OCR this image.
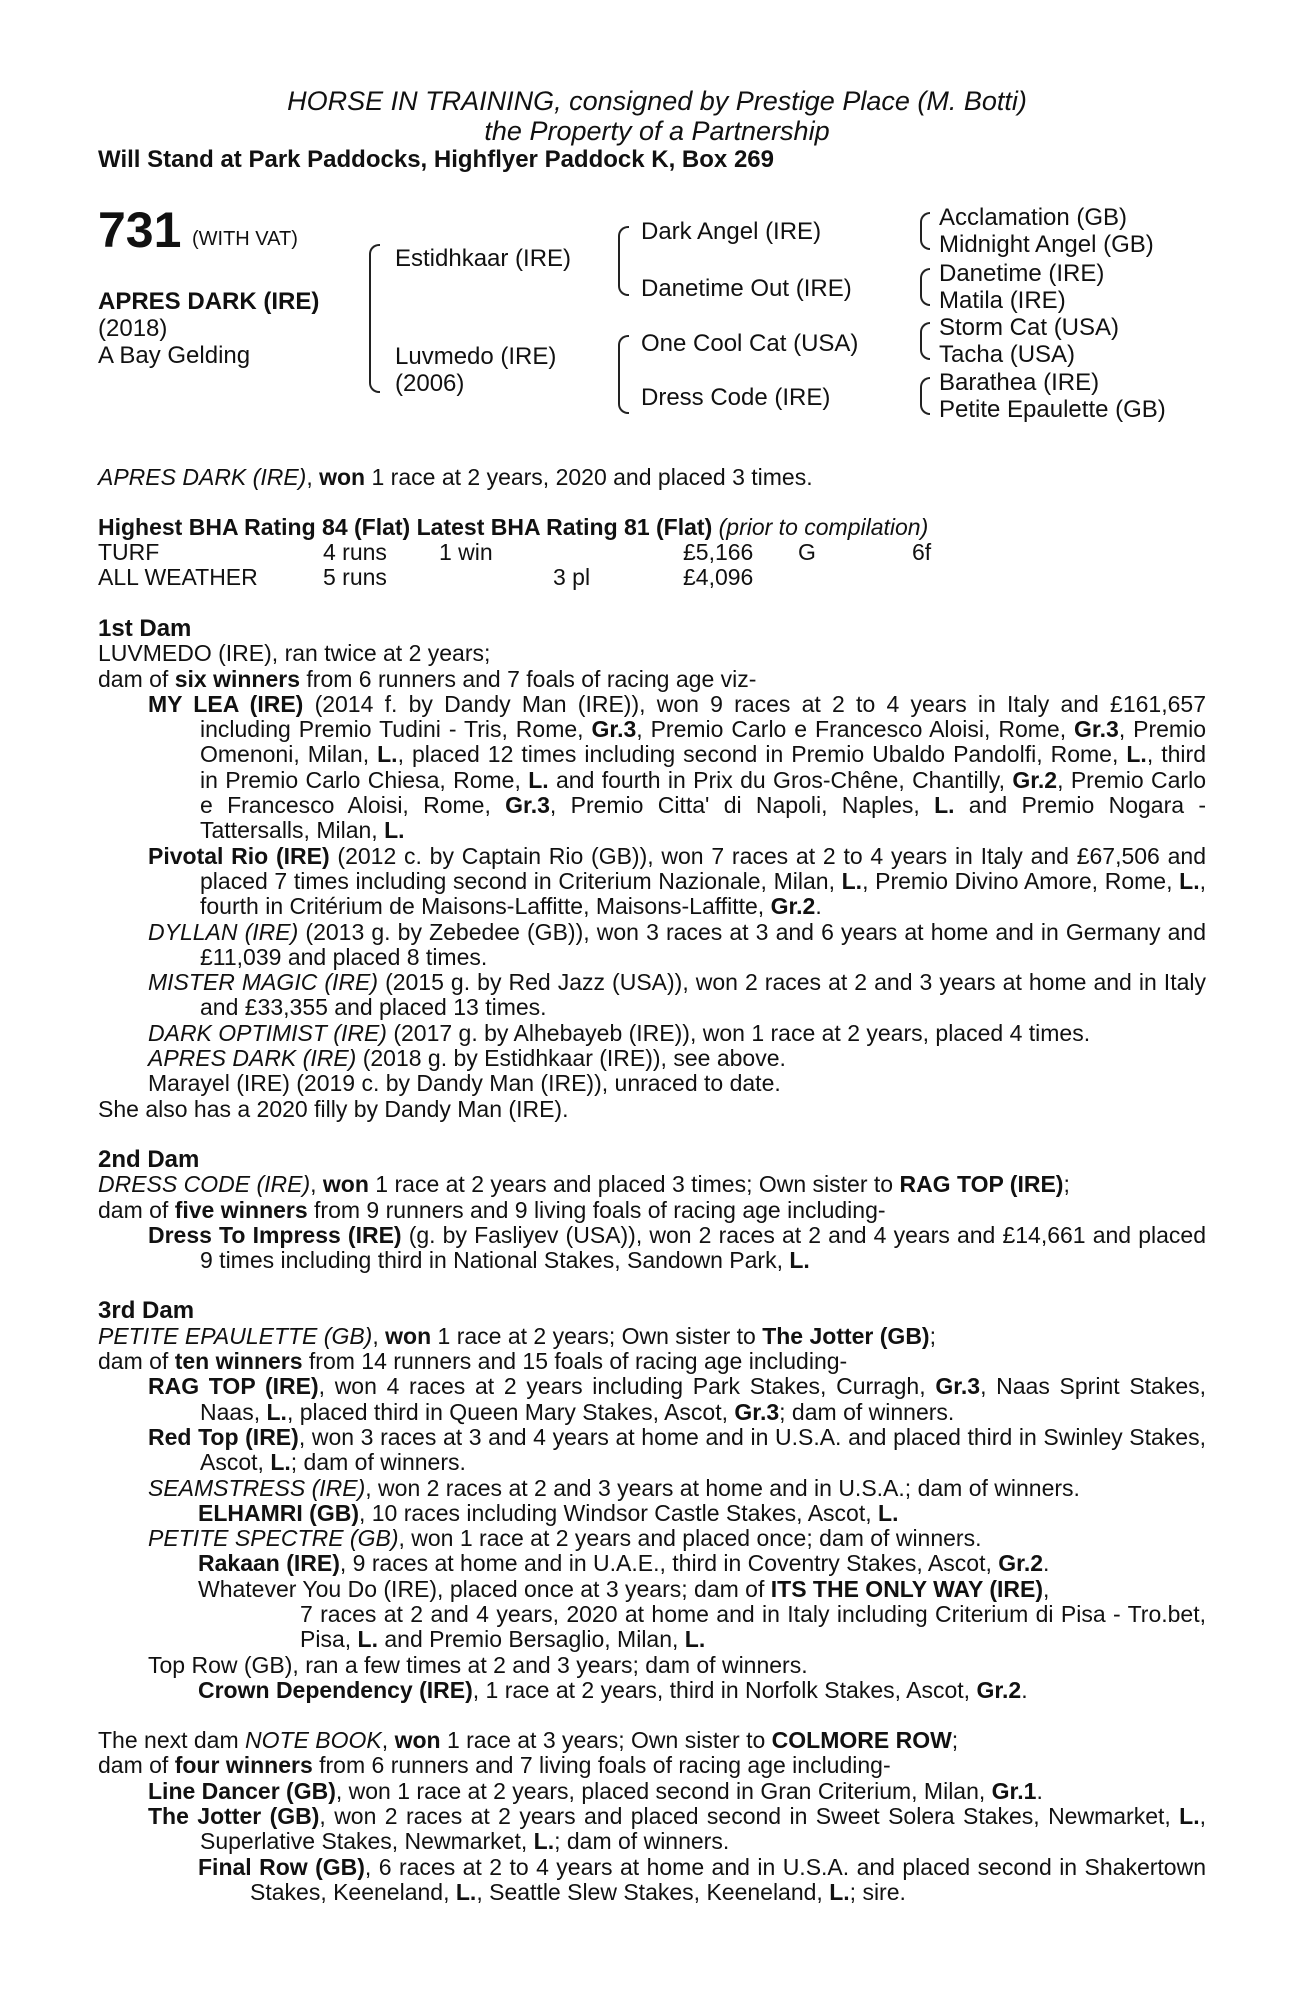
HORSE IN TRAINING, consigned by Prestige Place (M. Botti)
the Property of a Partnership
Will Stand at Park Paddocks, Highflyer Paddock K, Box 269
731 (WITH VAT)
APRES DARK (IRE)
(2018)
A Bay Gelding
Estidhkaar (IRE)
Luvmedo (IRE)
(2006)
Dark Angel (IRE)
Danetime Out (IRE)
One Cool Cat (USA)
Dress Code (IRE)
Acclamation (GB)
Midnight Angel (GB)
Danetime (IRE)
Matila (IRE)
Storm Cat (USA)
Tacha (USA)
Barathea (IRE)
Petite Epaulette (GB)
APRES DARK (IRE), won 1 race at 2 years, 2020 and placed 3 times.
Highest BHA Rating 84 (Flat) Latest BHA Rating 81 (Flat) (prior to compilation)
TURF	4 runs 1 win	£5,166 G	6f
ALL WEATHER	5 runs	3 pl	£4,096

1st Dam

LUVMEDO (IRE), ran twice at 2 years;

dam of six winners from 6 runners and 7 foals of racing age viz-

MY LEA (IRE) (2014 f. by Dandy Man (IRE)), won 9 races at 2 to 4 years in Italy and £161,657 including Premio Tudini - Tris, Rome, Gr.3, Premio Carlo e Francesco Aloisi, Rome, Gr.3, Premio Omenoni, Milan, L., placed 12 times including second in Premio Ubaldo Pandolfi, Rome, L., third in Premio Carlo Chiesa, Rome, L. and fourth in Prix du Gros-Chêne, Chantilly, Gr.2, Premio Carlo e Francesco Aloisi, Rome, Gr.3, Premio Citta' di Napoli, Naples, L. and Premio Nogara - Tattersalls, Milan, L.

Pivotal Rio (IRE) (2012 c. by Captain Rio (GB)), won 7 races at 2 to 4 years in Italy and £67,506 and placed 7 times including second in Criterium Nazionale, Milan, L., Premio Divino Amore, Rome, L., fourth in Critérium de Maisons-Laffitte, Maisons-Laffitte, Gr.2.

DYLLAN (IRE) (2013 g. by Zebedee (GB)), won 3 races at 3 and 6 years at home and in Germany and £11,039 and placed 8 times.

MISTER MAGIC (IRE) (2015 g. by Red Jazz (USA)), won 2 races at 2 and 3 years at home and in Italy and £33,355 and placed 13 times.

DARK OPTIMIST (IRE) (2017 g. by Alhebayeb (IRE)), won 1 race at 2 years, placed 4 times.

APRES DARK (IRE) (2018 g. by Estidhkaar (IRE)), see above.

Marayel (IRE) (2019 c. by Dandy Man (IRE)), unraced to date.

She also has a 2020 filly by Dandy Man (IRE).

2nd Dam

DRESS CODE (IRE), won 1 race at 2 years and placed 3 times; Own sister to RAG TOP (IRE);

dam of five winners from 9 runners and 9 living foals of racing age including-

Dress To Impress (IRE) (g. by Fasliyev (USA)), won 2 races at 2 and 4 years and £14,661 and placed 9 times including third in National Stakes, Sandown Park, L.

3rd Dam

PETITE EPAULETTE (GB), won 1 race at 2 years; Own sister to The Jotter (GB);

dam of ten winners from 14 runners and 15 foals of racing age including-

RAG TOP (IRE), won 4 races at 2 years including Park Stakes, Curragh, Gr.3, Naas Sprint Stakes, Naas, L., placed third in Queen Mary Stakes, Ascot, Gr.3; dam of winners.

Red Top (IRE), won 3 races at 3 and 4 years at home and in U.S.A. and placed third in Swinley Stakes, Ascot, L.; dam of winners.

SEAMSTRESS (IRE), won 2 races at 2 and 3 years at home and in U.S.A.; dam of winners.

ELHAMRI (GB), 10 races including Windsor Castle Stakes, Ascot, L.

PETITE SPECTRE (GB), won 1 race at 2 years and placed once; dam of winners.

Rakaan (IRE), 9 races at home and in U.A.E., third in Coventry Stakes, Ascot, Gr.2.

Whatever You Do (IRE), placed once at 3 years; dam of ITS THE ONLY WAY (IRE),

7 races at 2 and 4 years, 2020 at home and in Italy including Criterium di Pisa - Tro.bet, Pisa, L. and Premio Bersaglio, Milan, L.

Top Row (GB), ran a few times at 2 and 3 years; dam of winners.

Crown Dependency (IRE), 1 race at 2 years, third in Norfolk Stakes, Ascot, Gr.2.

The next dam NOTE BOOK, won 1 race at 3 years; Own sister to COLMORE ROW;

dam of four winners from 6 runners and 7 living foals of racing age including-

Line Dancer (GB), won 1 race at 2 years, placed second in Gran Criterium, Milan, Gr.1.

The Jotter (GB), won 2 races at 2 years and placed second in Sweet Solera Stakes, Newmarket, L., Superlative Stakes, Newmarket, L.; dam of winners.

Final Row (GB), 6 races at 2 to 4 years at home and in U.S.A. and placed second in Shakertown Stakes, Keeneland, L., Seattle Slew Stakes, Keeneland, L.; sire.
